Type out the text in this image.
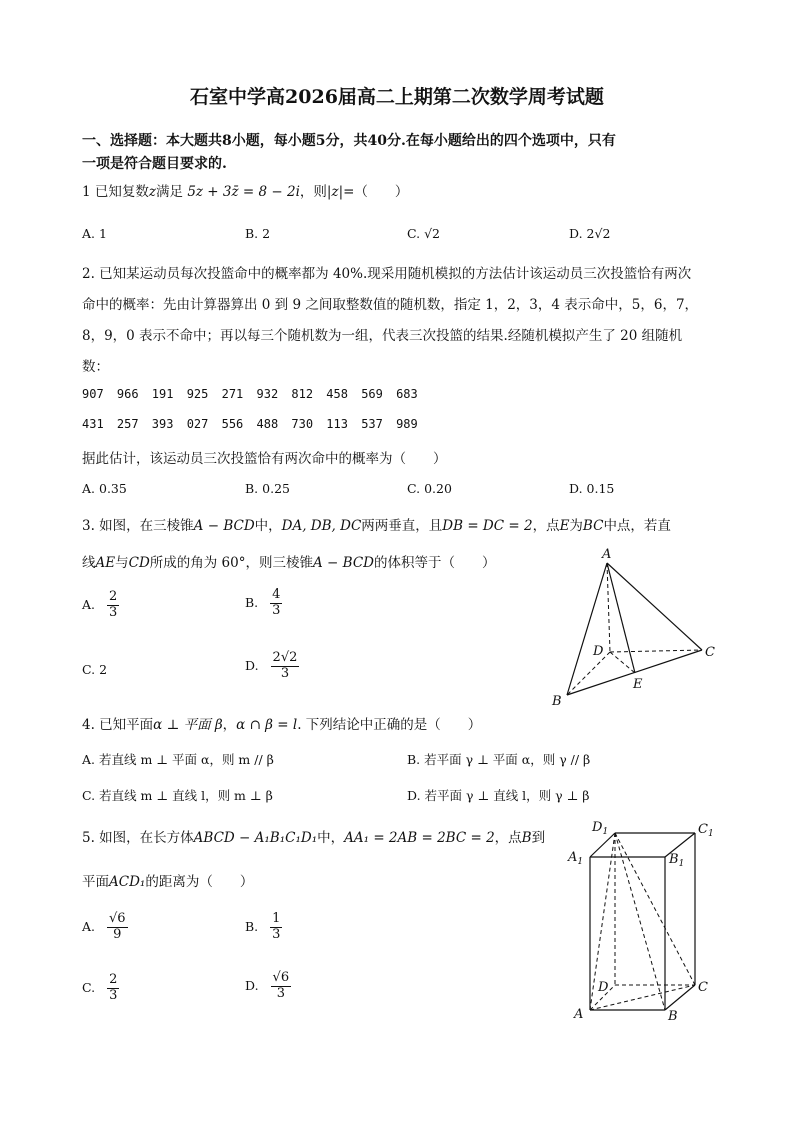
石室中学高2026届高二上期第二次数学周考试题
一、选择题：本大题共8小题，每小题5分，共40分.在每小题给出的四个选项中，只有
一项是符合题目要求的.
1 已知复数z满足 5z + 3z̄ = 8 − 2i，则|z|=（　　）
A. 1	B. 2	C. √2	D. 2√2
2. 已知某运动员每次投篮命中的概率都为 40%.现采用随机模拟的方法估计该运动员三次投篮恰有两次
命中的概率：先由计算器算出 0 到 9 之间取整数值的随机数，指定 1，2，3，4 表示命中，5，6，7，
8，9，0 表示不命中；再以每三个随机数为一组，代表三次投篮的结果.经随机模拟产生了 20 组随机
数：
907 966 191 925 271 932 812 458 569 683
431 257 393 027 556 488 730 113 537 989
据此估计，该运动员三次投篮恰有两次命中的概率为（　　）
A. 0.35	B. 0.25	C. 0.20	D. 0.15
3. 如图，在三棱锥A − BCD中，DA, DB, DC两两垂直，且DB = DC = 2，点E为BC中点，若直
线AE与CD所成的角为 60°，则三棱锥A − BCD的体积等于（　　）
A. $\frac{2}{3}$	B. $\frac{4}{3}$
C. 2	D. $\frac{2√2}{3}$
A
B
C
D
E
4. 已知平面α ⊥ 平面 β，α ∩ β = l. 下列结论中正确的是（　　）
A. 若直线 m ⊥ 平面 α，则 m // β	B. 若平面 γ ⊥ 平面 α，则 γ // β
C. 若直线 m ⊥ 直线 l，则 m ⊥ β	D. 若平面 γ ⊥ 直线 l，则 γ ⊥ β
5. 如图，在长方体ABCD − A₁B₁C₁D₁中，AA₁ = 2AB = 2BC = 2，点B到
平面ACD₁的距离为（　　）
A. $\frac{√6}{9}$	B. $\frac{1}{3}$
C. $\frac{2}{3}$	D. $\frac{√6}{3}$
$D_1$	$C_1$
$A_1$	$B_1$
D	C
A	B
